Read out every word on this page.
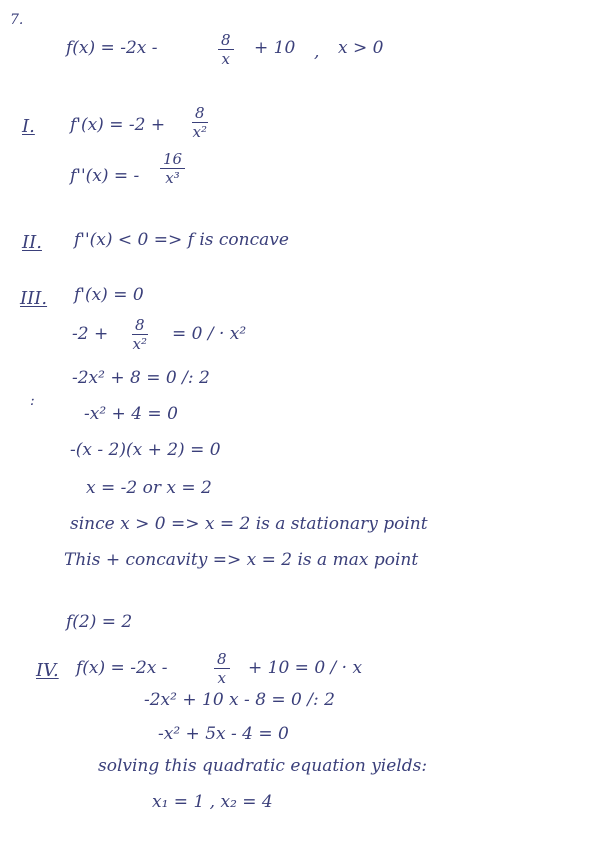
7.
f(x) = -2x -	$\frac{8}{x} + 10$ , x > 0
I. $f'(x) = -2 + \frac{8}{\text{x²}}$
f''(x) = - $\frac{16}{\text{x³}}$
II. f''(x) < 0 => f is concave
III. f'(x) = 0
$-2 + \frac{8}{\text{x²}} = 0$ / · x²
-2x² + 8 = 0 /: 2
:
-x² + 4 = 0
-(x - 2)(x + 2) = 0
x = -2 or x = 2
since x > 0 => x = 2 is a stationary point
This + concavity => x = 2 is a max point
f(2) = 2
IV. f(x) = -2x -	$\frac{8}{x} + 10 = 0$ / · x
-2x² + 10 x - 8 = 0 /: 2
-x² + 5x - 4 = 0
solving this quadratic equation yields:
x₁ = 1 , x₂ = 4
